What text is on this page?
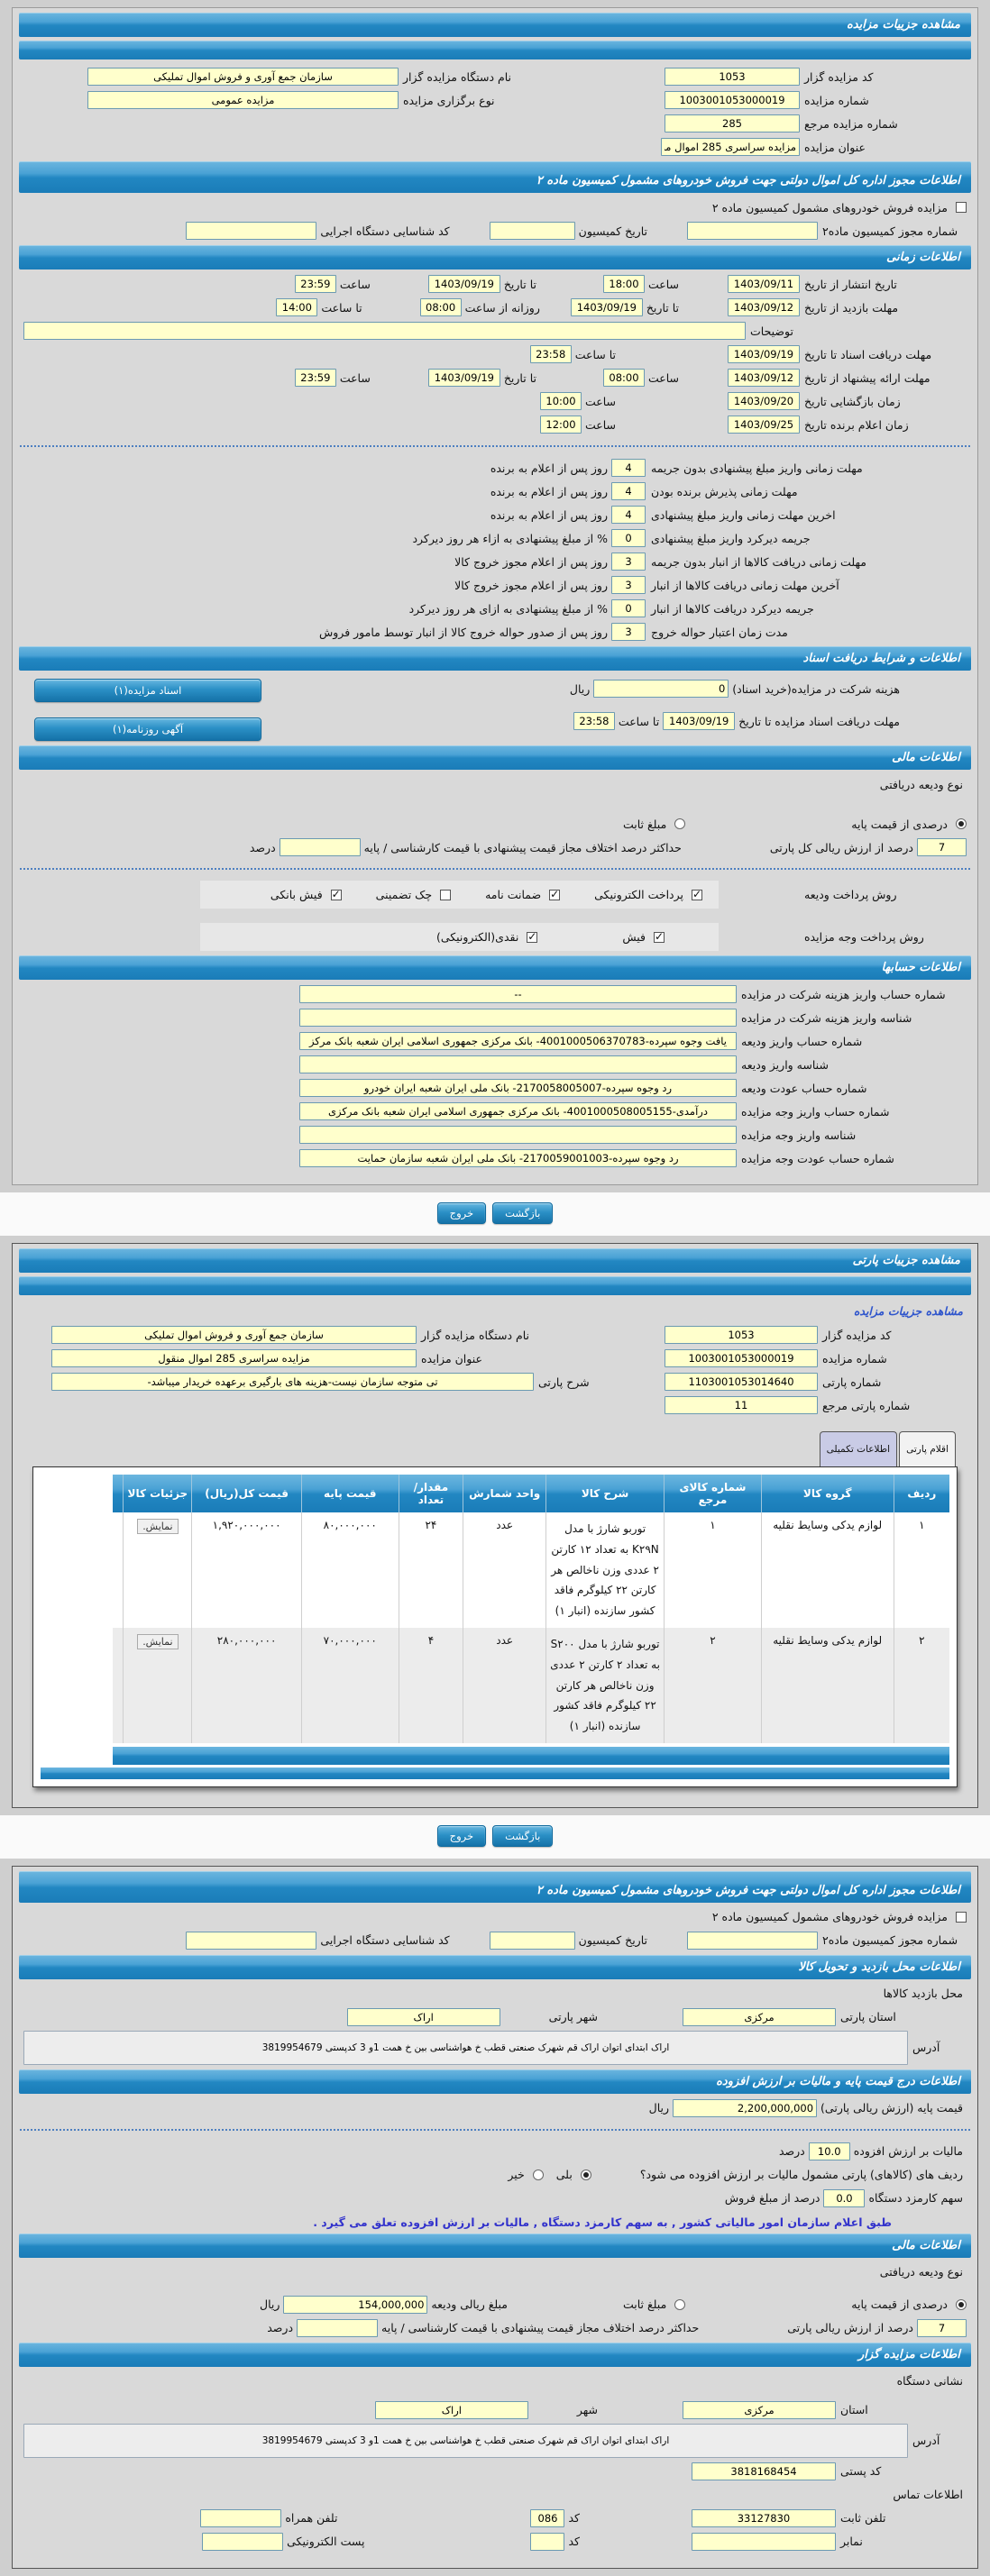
مشاهده جزییات مزایده
کد مزایده گزار
1053
نام دستگاه مزایده گزار
سازمان جمع آوری و فروش اموال تملیکی
شماره مزایده
1003001053000019
نوع برگزاری مزایده
مزایده عمومی
شماره مزایده مرجع
285
عنوان مزایده
مزایده سراسری 285 اموال منقول
اطلاعات مجوز اداره کل اموال دولتی جهت فروش خودروهای مشمول کمیسیون ماده ۲
مزایده فروش خودروهای مشمول کمیسیون ماده ۲
شماره مجوز کمیسیون ماده۲
تاریخ کمیسیون
کد شناسایی دستگاه اجرایی
اطلاعات زمانی
تاریخ انتشار از تاریخ
1403/09/11
ساعت
18:00
تا تاریخ
1403/09/19
ساعت
23:59
مهلت بازدید از تاریخ
1403/09/12
تا تاریخ
1403/09/19
روزانه از ساعت
08:00
تا ساعت
14:00
توضیحات
مهلت دریافت اسناد تا تاریخ
1403/09/19
تا ساعت
23:58
مهلت ارائه پیشنهاد از تاریخ
1403/09/12
ساعت
08:00
تا تاریخ
1403/09/19
ساعت
23:59
زمان بازگشایی تاریخ
1403/09/20
ساعت
10:00
زمان اعلام برنده تاریخ
1403/09/25
ساعت
12:00
مهلت زمانی واریز مبلغ پیشنهادی بدون جریمه
4
روز پس از اعلام به برنده
مهلت زمانی پذیرش برنده بودن
4
روز پس از اعلام به برنده
اخرین مهلت زمانی واریز مبلغ پیشنهادی
4
روز پس از اعلام به برنده
جریمه دیرکرد واریز مبلغ پیشنهادی
0
% از مبلغ پیشنهادی به ازاء هر روز دیرکرد
مهلت زمانی دریافت کالاها از انبار بدون جریمه
3
روز پس از اعلام مجوز خروج کالا
آخرین مهلت زمانی دریافت کالاها از انبار
3
روز پس از اعلام مجوز خروج کالا
جریمه دیرکرد دریافت کالاها از انبار
0
% از مبلغ پیشنهادی به ازای هر روز دیرکرد
مدت زمان اعتبار حواله خروج
3
روز پس از صدور حواله خروج کالا از انبار توسط مامور فروش
اطلاعات و شرایط دریافت اسناد
هزینه شرکت در مزایده(خرید اسناد)
0
ریال
مهلت دریافت اسناد مزایده تا تاریخ
1403/09/19
تا ساعت
23:58
اسناد مزایده(۱)
آگهی روزنامه(۱)
اطلاعات مالی
نوع ودیعه دریافتی
درصدی از قیمت پایه
مبلغ ثابت
7
درصد از ارزش ریالی کل پارتی
حداکثر درصد اختلاف مجاز قیمت پیشنهادی با قیمت کارشناسی / پایه
درصد
روش پرداخت ودیعه
✓پرداخت الکترونیکی
✓ضمانت نامه
چک تضمینی
✓فیش بانکی
روش پرداخت وجه مزایده
✓فیش
✓نقدی(الکترونیکی)
اطلاعات حسابها
شماره حساب واریز هزینه شرکت در مزایده
--
شناسه واریز هزینه شرکت در مزایده
شماره حساب واریز ودیعه
یافت وجوه سپرده-4001000506370783- بانک مرکزی جمهوری اسلامی ایران شعبه بانک مرکز
شناسه واریز ودیعه
شماره حساب عودت ودیعه
رد وجوه سپرده-2170058005007- بانک ملی ایران شعبه ایران خودرو
شماره حساب واریز وجه مزایده
درآمدی-4001000508005155- بانک مرکزی جمهوری اسلامی ایران شعبه بانک مرکزی
شناسه واریز وجه مزایده
شماره حساب عودت وجه مزایده
رد وجوه سپرده-2170059001003- بانک ملی ایران شعبه سازمان حمایت
بازگشت
خروج
مشاهده جزییات پارتی
مشاهده جزییات مزایده
کد مزایده گزار
1053
نام دستگاه مزایده گزار
سازمان جمع آوری و فروش اموال تملیکی
شماره مزایده
1003001053000019
عنوان مزایده
مزایده سراسری 285 اموال منقول
شماره پارتی
1103001053014640
شرح پارتی
تی متوجه سازمان نیست-هزینه های بارگیری برعهده خریدار میباشد-
شماره پارتی مرجع
11
اقلام پارتی
اطلاعات تکمیلی
ردیف	گروه کالا	شماره کالای مرجع	شرح کالا	واحد شمارش	مقدار/ تعداد	قیمت پایه	قیمت کل(ریال)	جزئیات کالا	
۱	لوازم یدکی وسایط نقلیه	۱	توربو شارژ با مدل K۲۹N به تعداد ۱۲ کارتن ۲ عددی وزن ناخالص هر کارتن ۲۲ کیلوگرم فاقد کشور سازنده (انبار ۱)	عدد	۲۴	۸۰,۰۰۰,۰۰۰	۱,۹۲۰,۰۰۰,۰۰۰	نمایش.	
۲	لوازم یدکی وسایط نقلیه	۲	توربو شارژ با مدل S۲۰۰ به تعداد ۲ کارتن ۲ عددی وزن ناخالص هر کارتن ۲۲ کیلوگرم فاقد کشور سازنده (انبار ۱)	عدد	۴	۷۰,۰۰۰,۰۰۰	۲۸۰,۰۰۰,۰۰۰	نمایش.	
بازگشت
خروج
اطلاعات مجوز اداره کل اموال دولتی جهت فروش خودروهای مشمول کمیسیون ماده ۲
مزایده فروش خودروهای مشمول کمیسیون ماده ۲
شماره مجوز کمیسیون ماده۲
تاریخ کمیسیون
کد شناسایی دستگاه اجرایی
اطلاعات محل بازدید و تحویل کالا
محل بازدید کالاها
استان پارتی
مرکزی
شهر پارتی
اراک
آدرس
اراک ابتدای اتوان اراک قم شهرک صنعتی قطب خ هواشناسی بین خ همت 1و 3 کدپستی 3819954679
اطلاعات درج قیمت پایه و مالیات بر ارزش افزوده
قیمت پایه (ارزش ریالی پارتی)
2,200,000,000
ریال
مالیات بر ارزش افزوده
10.0
درصد
ردیف های (کالاهای) پارتی مشمول مالیات بر ارزش افزوده می شود؟
بلی
خیر
سهم کارمزد دستگاه
0.0
درصد از مبلغ فروش
طبق اعلام سازمان امور مالیاتی کشور , به سهم کارمزد دستگاه , مالیات بر ارزش افزوده تعلق می گیرد .
اطلاعات مالی
نوع ودیعه دریافتی
درصدی از قیمت پایه
مبلغ ثابت
مبلغ ریالی ودیعه
154,000,000
ریال
7
درصد از ارزش ریالی پارتی
حداکثر درصد اختلاف مجاز قیمت پیشنهادی با قیمت کارشناسی / پایه
درصد
اطلاعات مزایده گزار
نشانی دستگاه
استان
مرکزی
شهر
اراک
آدرس
اراک ابتدای اتوان اراک قم شهرک صنعتی قطب خ هواشناسی بین خ همت 1و 3 کدپستی 3819954679
کد پستی
3818168454
اطلاعات تماس
تلفن ثابت
33127830
کد
086
تلفن همراه
نمابر
کد
پست الکترونیکی
